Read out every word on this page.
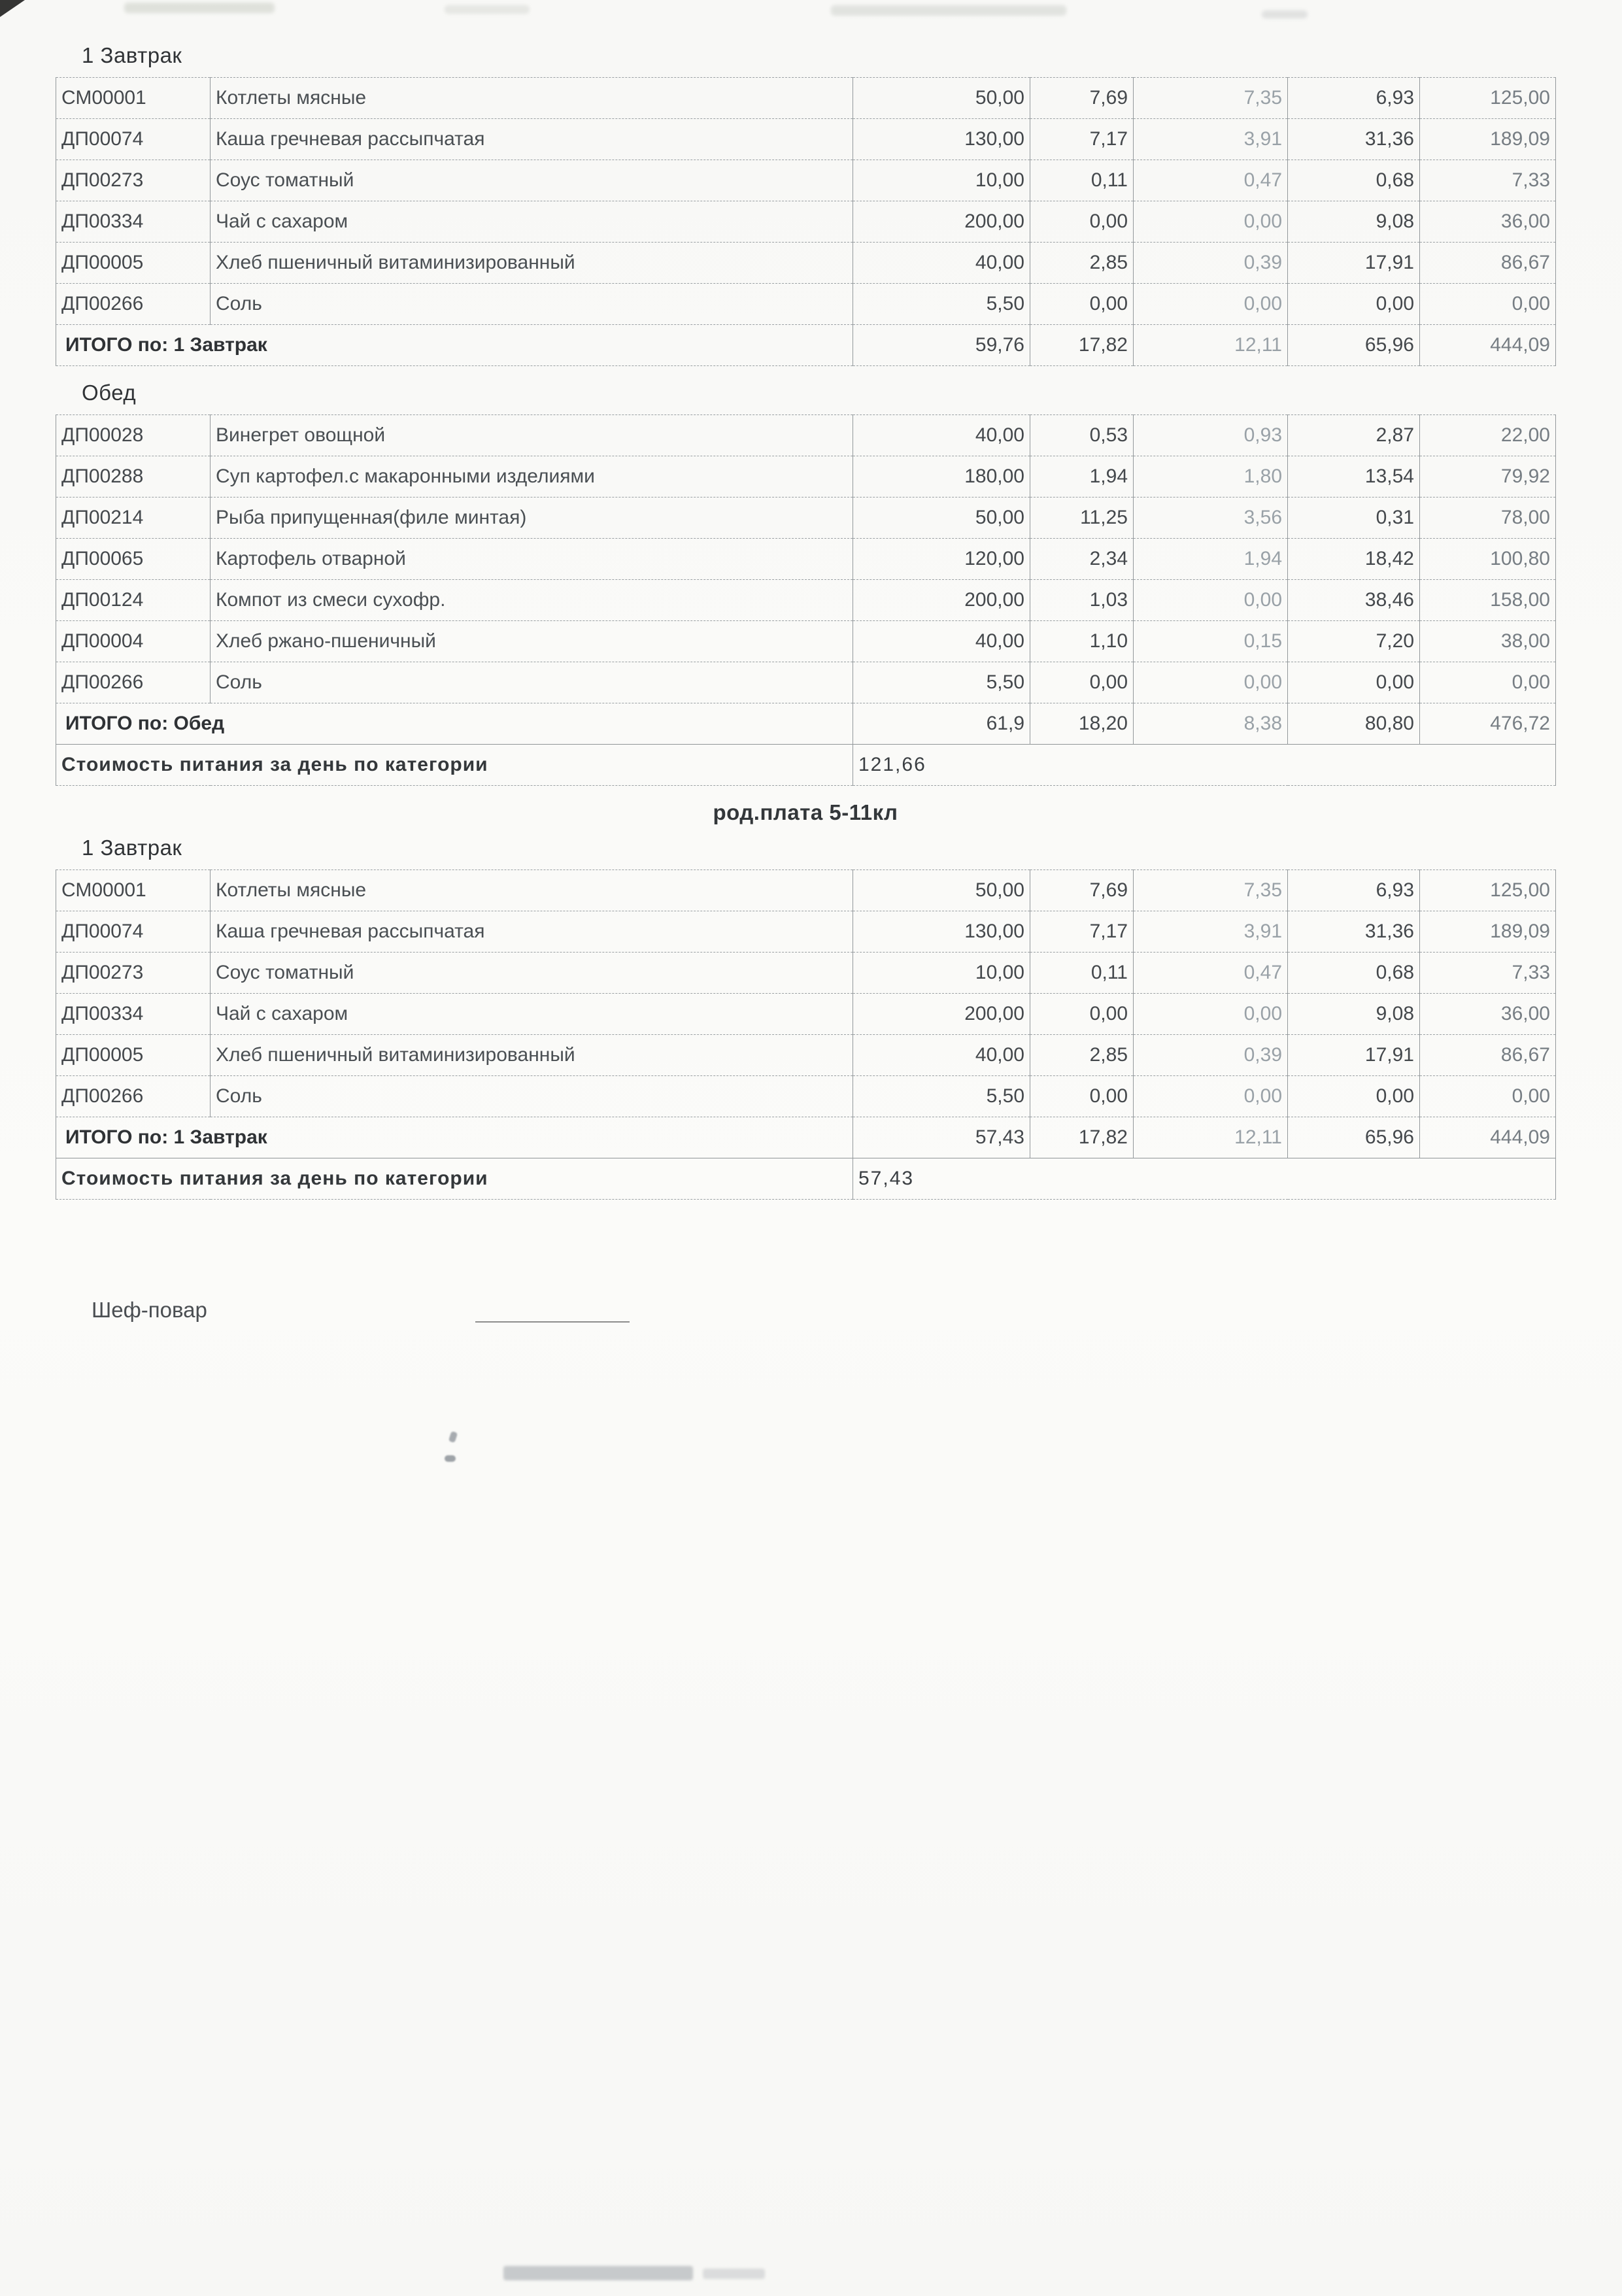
1 Завтрак
СМ00001	Котлеты мясные	50,00	7,69	7,35	6,93	125,00
ДП00074	Каша гречневая рассыпчатая	130,00	7,17	3,91	31,36	189,09
ДП00273	Соус томатный	10,00	0,11	0,47	0,68	7,33
ДП00334	Чай с сахаром	200,00	0,00	0,00	9,08	36,00
ДП00005	Хлеб пшеничный витаминизированный	40,00	2,85	0,39	17,91	86,67
ДП00266	Соль	5,50	0,00	0,00	0,00	0,00
ИТОГО по: 1 Завтрак		59,76	17,82	12,11	65,96	444,09
Обед
ДП00028	Винегрет овощной	40,00	0,53	0,93	2,87	22,00
ДП00288	Суп картофел.с макаронными изделиями	180,00	1,94	1,80	13,54	79,92
ДП00214	Рыба припущенная(филе минтая)	50,00	11,25	3,56	0,31	78,00
ДП00065	Картофель отварной	120,00	2,34	1,94	18,42	100,80
ДП00124	Компот из смеси сухофр.	200,00	1,03	0,00	38,46	158,00
ДП00004	Хлеб ржано-пшеничный	40,00	1,10	0,15	7,20	38,00
ДП00266	Соль	5,50	0,00	0,00	0,00	0,00
ИТОГО по: Обед		61,9	18,20	8,38	80,80	476,72
Стоимость питания за день по категории		121,66				
род.плата 5-11кл
1 Завтрак
СМ00001	Котлеты мясные	50,00	7,69	7,35	6,93	125,00
ДП00074	Каша гречневая рассыпчатая	130,00	7,17	3,91	31,36	189,09
ДП00273	Соус томатный	10,00	0,11	0,47	0,68	7,33
ДП00334	Чай с сахаром	200,00	0,00	0,00	9,08	36,00
ДП00005	Хлеб пшеничный витаминизированный	40,00	2,85	0,39	17,91	86,67
ДП00266	Соль	5,50	0,00	0,00	0,00	0,00
ИТОГО по: 1 Завтрак		57,43	17,82	12,11	65,96	444,09
Стоимость питания за день по категории		57,43				
Шеф-повар
